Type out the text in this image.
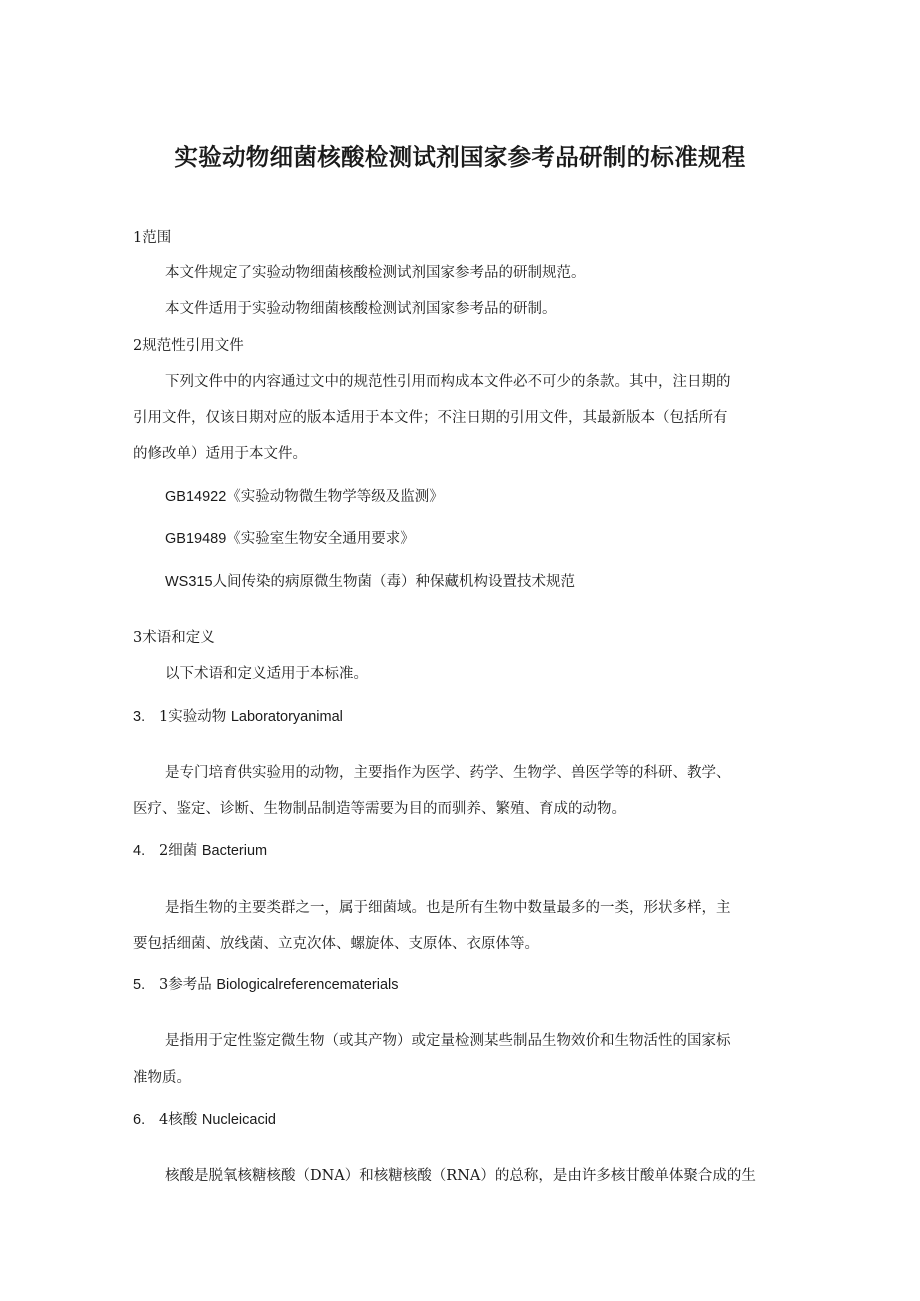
实验动物细菌核酸检测试剂国家参考品研制的标准规程
1范围
本文件规定了实验动物细菌核酸检测试剂国家参考品的研制规范。
本文件适用于实验动物细菌核酸检测试剂国家参考品的研制。
2规范性引用文件
下列文件中的内容通过文中的规范性引用而构成本文件必不可少的条款。其中，注日期的
引用文件，仅该日期对应的版本适用于本文件；不注日期的引用文件，其最新版本（包括所有
的修改单）适用于本文件。
GB14922《实验动物微生物学等级及监测》
GB19489《实验室生物安全通用要求》
WS315人间传染的病原微生物菌（毒）种保藏机构设置技术规范
3术语和定义
以下术语和定义适用于本标准。
3. 1实验动物 Laboratoryanimal
是专门培育供实验用的动物，主要指作为医学、药学、生物学、兽医学等的科研、教学、
医疗、鉴定、诊断、生物制品制造等需要为目的而驯养、繁殖、育成的动物。
4. 2细菌 Bacterium
是指生物的主要类群之一，属于细菌域。也是所有生物中数量最多的一类，形状多样，主
要包括细菌、放线菌、立克次体、螺旋体、支原体、衣原体等。
5. 3参考品 Biologicalreferencematerials
是指用于定性鉴定微生物（或其产物）或定量检测某些制品生物效价和生物活性的国家标
准物质。
6. 4核酸 Nucleicacid
核酸是脱氧核糖核酸（DNA）和核糖核酸（RNA）的总称，是由许多核甘酸单体聚合成的生
